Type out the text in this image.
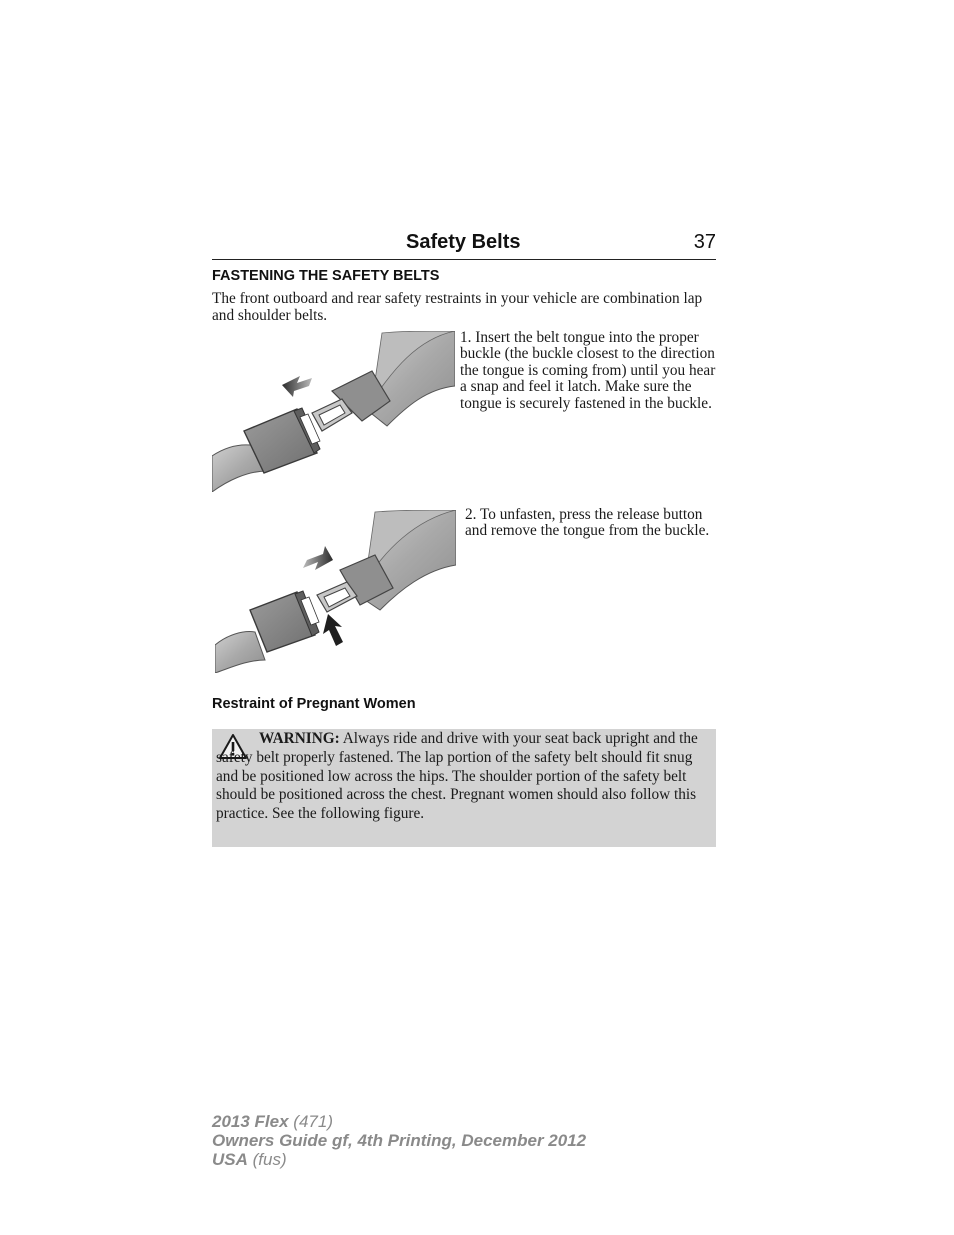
Safety Belts	37
FASTENING THE SAFETY BELTS
The front outboard and rear safety restraints in your vehicle are combination lap and shoulder belts.
1. Insert the belt tongue into the proper buckle (the buckle closest to the direction the tongue is coming from) until you hear a snap and feel it latch. Make sure the tongue is securely fastened in the buckle.
2. To unfasten, press the release button and remove the tongue from the buckle.
Restraint of Pregnant Women

WARNING: Always ride and drive with your seat back upright and the safety belt properly fastened. The lap portion of the safety belt should fit snug and be positioned low across the hips. The shoulder portion of the safety belt should be positioned across the chest. Pregnant women should also follow this practice. See the following figure.

2013 Flex (471)
Owners Guide gf, 4th Printing, December 2012
USA (fus)
